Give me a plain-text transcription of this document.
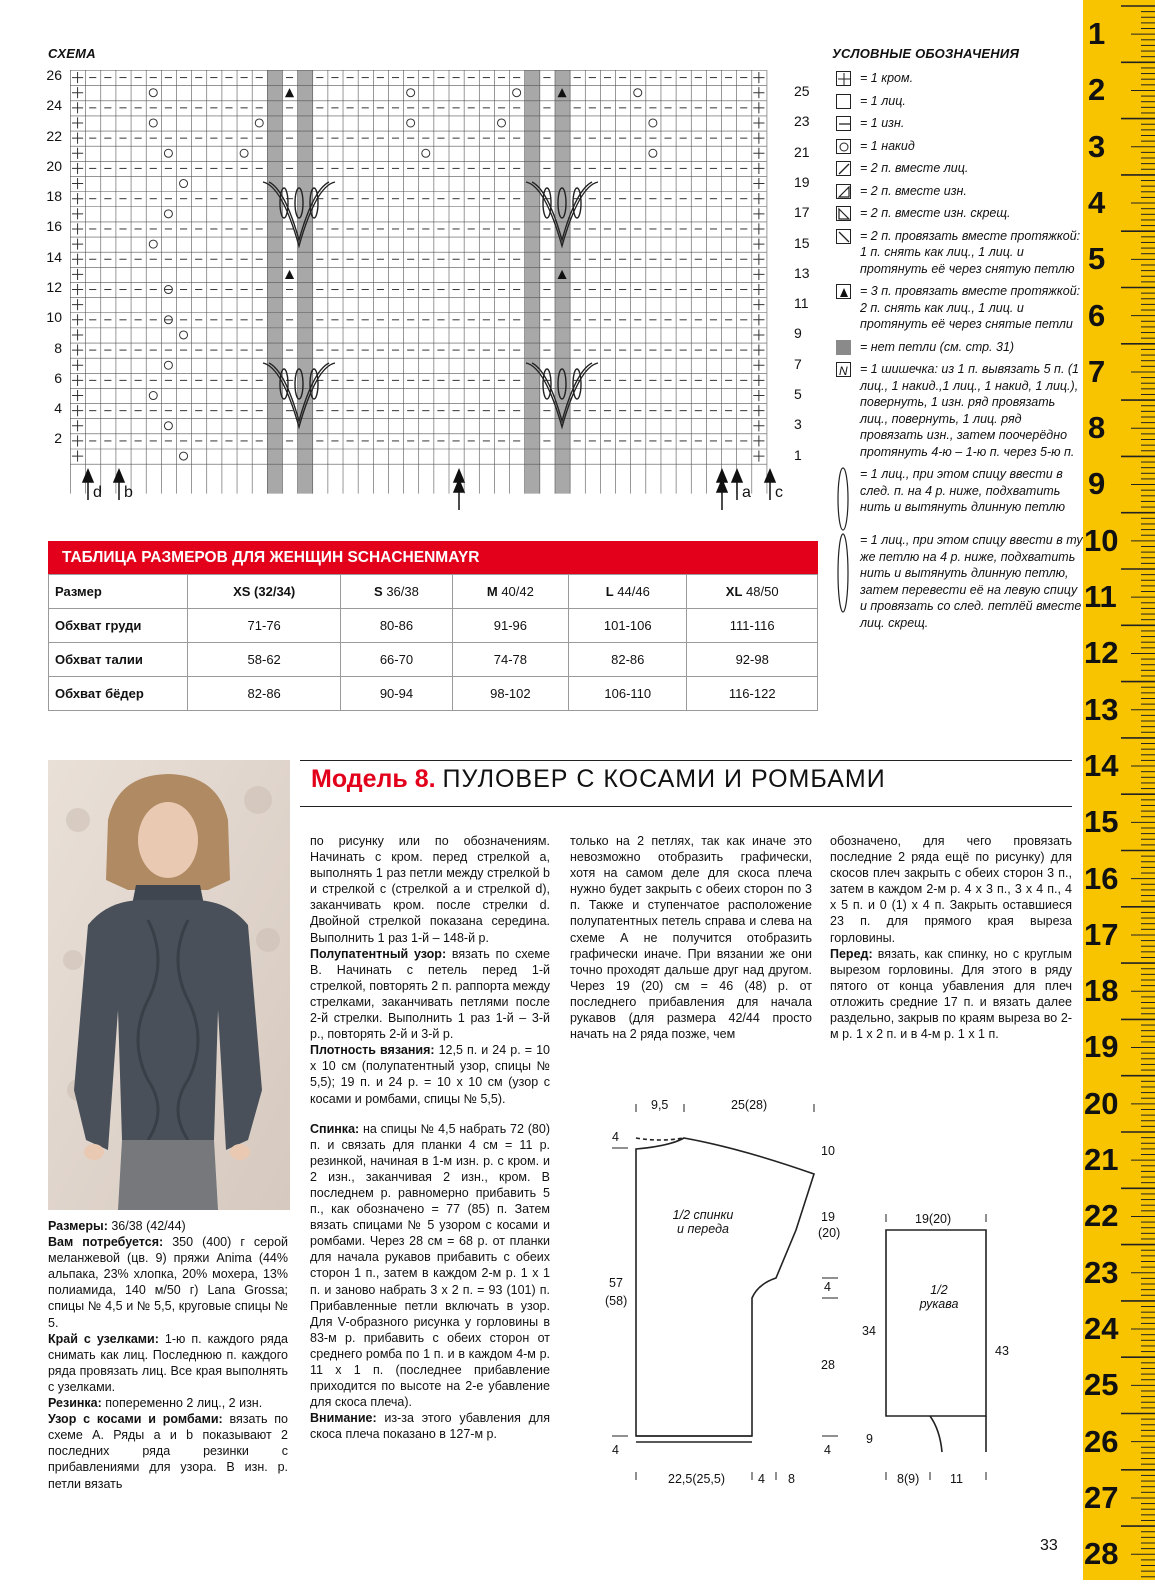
СХЕМА	УСЛОВНЫЕ ОБОЗНАЧЕНИЯ
26
24
22
20
18
16
14
12
10
8
6
4
2
25
23
21
19
17
15
13
11
9
7
5
3
1
d b	a c
= 1 кром.
= 1 лиц.
= 1 изн.
= 1 накид
= 2 п. вместе лиц.
= 2 п. вместе изн.
= 2 п. вместе изн. скрещ.
= 2 п. провязать вместе протяжкой: 1 п. снять как лиц., 1 лиц. и протянуть её через снятую петлю
= 3 п. провязать вместе протяжкой: 2 п. снять как лиц., 1 лиц. и протянуть её через снятые петли
= нет петли (см. стр. 31)
N = 1 шишечка: из 1 п. вывязать 5 п. (1 лиц., 1 накид.,1 лиц., 1 накид, 1 лиц.), повернуть, 1 изн. ряд провязать лиц., повернуть, 1 лиц. ряд провязать изн., затем поочерёдно протянуть 4-ю – 1-ю п. через 5-ю п.
= 1 лиц., при этом спицу ввести в след. п. на 4 р. ниже, подхватить нить и вытянуть длинную петлю
= 1 лиц., при этом спицу ввести в ту же петлю на 4 р. ниже, подхватить нить и вытянуть длинную петлю, затем перевести её на левую спицу и провязать со след. петлёй вместе лиц. скрещ.
ТАБЛИЦА РАЗМЕРОВ ДЛЯ ЖЕНЩИН SCHACHENMAYR
Размер	XS (32/34)	S 36/38	M 40/42	L 44/46	XL 48/50
Обхват груди	71-76	80-86	91-96	101-106	111-116
Обхват талии	58-62	66-70	74-78	82-86	92-98
Обхват бёдер	82-86	90-94	98-102	106-110	116-122
Модель 8. ПУЛОВЕР С КОСАМИ И РОМБАМИ

Размеры: 36/38 (42/44)

Вам потребуется: 350 (400) г серой меланжевой (цв. 9) пряжи Anima (44% альпака, 23% хлопка, 20% мохера, 13% полиамида, 140 м/50 г) Lana Grossa; спицы № 4,5 и № 5,5, круговые спицы № 5.

Край с узелками: 1-ю п. каждого ряда снимать как лиц. Последнюю п. каждого ряда провязать лиц. Все края выполнять с узелками.

Резинка: попеременно 2 лиц., 2 изн.

Узор с косами и ромбами: вязать по схеме А. Ряды a и b показывают 2 последних ряда резинки с прибавлениями для узора. В изн. р. петли вязать

по рисунку или по обозначениям. Начинать с кром. перед стрелкой a, выполнять 1 раз петли между стрелкой b и стрелкой с (стрелкой a и стрелкой d), заканчивать кром. после стрелки d. Двойной стрелкой показана середина. Выполнить 1 раз 1-й – 148-й р.

Полупатентный узор: вязать по схеме В. Начинать с петель перед 1-й стрелкой, повторять 2 п. раппорта между стрелками, заканчивать петлями после 2-й стрелки. Выполнить 1 раз 1-й – 3-й р., повторять 2-й и 3-й р.

Плотность вязания: 12,5 п. и 24 р. = 10 х 10 см (полупатентный узор, спицы № 5,5); 19 п. и 24 р. = 10 х 10 см (узор с косами и ромбами, спицы № 5,5).

Спинка: на спицы № 4,5 набрать 72 (80) п. и связать для планки 4 см = 11 р. резинкой, начиная в 1-м изн. р. с кром. и 2 изн., заканчивая 2 изн., кром. В последнем р. равномерно прибавить 5 п., как обозначено = 77 (85) п. Затем вязать спицами № 5 узором с косами и ромбами. Через 28 см = 68 р. от планки для начала рукавов прибавить с обеих сторон 1 п., затем в каждом 2-м р. 1 х 1 п. и заново набрать 3 х 2 п. = 93 (101) п. Прибавленные петли включать в узор. Для V-образного рисунка у горловины в 83-м р. прибавить с обеих сторон от среднего ромба по 1 п. и в каждом 4-м р. 11 х 1 п. (последнее прибавление приходится по высоте на 2-е убавление для скоса плеча).

Внимание: из-за этого убавления для скоса плеча показано в 127-м р.

только на 2 петлях, так как иначе это невозможно отобразить графически, хотя на самом деле для скоса плеча нужно будет закрыть с обеих сторон по 3 п. Также и ступенчатое расположение полупатентных петель справа и слева на схеме А не получится отобразить графически иначе. При вязании же они точно проходят дальше друг над другом. Через 19 (20) см = 46 (48) р. от последнего прибавления для начала рукавов (для размера 42/44 просто начать на 2 ряда позже, чем

обозначено, для чего провязать последние 2 ряда ещё по рисунку) для скосов плеч закрыть с обеих сторон 3 п., затем в каждом 2-м р. 4 х 3 п., 3 х 4 п., 4 х 5 п. и 0 (1) х 4 п. Закрыть оставшиеся 23 п. для прямого края выреза горловины.

Перед: вязать, как спинку, но с круглым вырезом горловины. Для этого в ряду пятого от конца убавления для плеч отложить средние 17 п. и вязать далее раздельно, закрыв по краям выреза во 2-м р. 1 х 2 п. и в 4-м р. 1 х 1 п.

9,5	25(28)
4
10
19
(20)
4
57
(58)
28
4	4
22,5(25,5)	4 8
1/2 спинки
и переда
19(20)
1/2
рукава
34
43
9
8(9) 11
33
1
2
3
4
5
6
7
8
9
10
11
12
13
14
15
16
17
18
19
20
21
22
23
24
25
26
27
28
